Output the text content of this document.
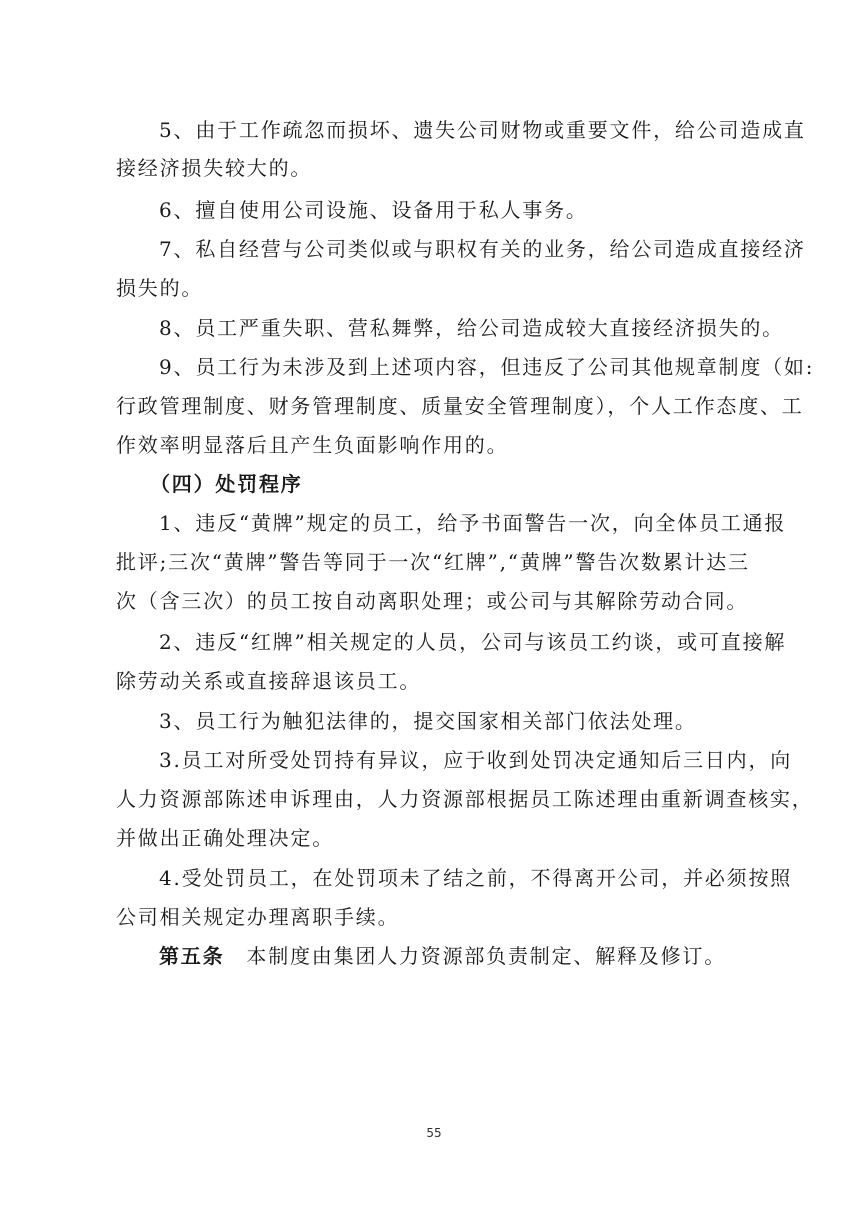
5、由于工作疏忽而损坏、遗失公司财物或重要文件，给公司造成直
接经济损失较大的。
6、擅自使用公司设施、设备用于私人事务。
7、私自经营与公司类似或与职权有关的业务，给公司造成直接经济
损失的。
8、员工严重失职、营私舞弊，给公司造成较大直接经济损失的。
9、员工行为未涉及到上述项内容，但违反了公司其他规章制度（如:
行政管理制度、财务管理制度、质量安全管理制度），个人工作态度、工
作效率明显落后且产生负面影响作用的。
（四）处罚程序
1、违反“黄牌”规定的员工，给予书面警告一次，向全体员工通报
批评;三次“黄牌”警告等同于一次“红牌”,“黄牌”警告次数累计达三
次（含三次）的员工按自动离职处理；或公司与其解除劳动合同。
2、违反“红牌”相关规定的人员，公司与该员工约谈，或可直接解
除劳动关系或直接辞退该员工。
3、员工行为触犯法律的，提交国家相关部门依法处理。
3.员工对所受处罚持有异议，应于收到处罚决定通知后三日内，向
人力资源部陈述申诉理由，人力资源部根据员工陈述理由重新调查核实，
并做出正确处理决定。
4.受处罚员工，在处罚项未了结之前，不得离开公司，并必须按照
公司相关规定办理离职手续。
第五条 本制度由集团人力资源部负责制定、解释及修订。
55
